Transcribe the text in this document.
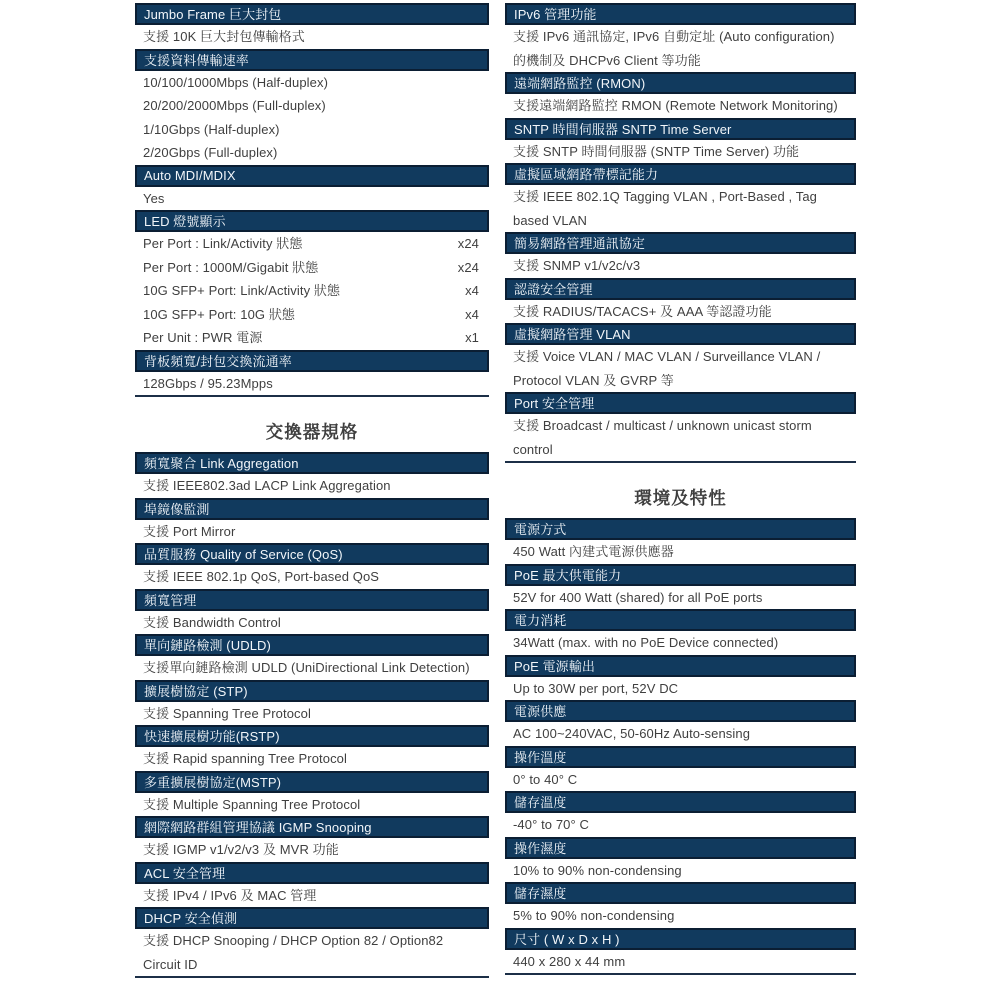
Jumbo Frame 巨大封包
支援 10K 巨大封包傳輸格式
支援資料傳輸速率
10/100/1000Mbps (Half-duplex)
20/200/2000Mbps (Full-duplex)
1/10Gbps (Half-duplex)
2/20Gbps (Full-duplex)
Auto MDI/MDIX
Yes
LED 燈號顯示
Per Port : Link/Activity 狀態	x24
Per Port : 1000M/Gigabit 狀態	x24
10G SFP+ Port: Link/Activity 狀態	x4
10G SFP+ Port: 10G 狀態	x4
Per Unit : PWR 電源	x1
背板頻寬/封包交換流通率
128Gbps / 95.23Mpps
交換器規格
頻寬聚合 Link Aggregation
支援 IEEE802.3ad LACP Link Aggregation
埠鏡像監測
支援 Port Mirror
品質服務 Quality of Service (QoS)
支援 IEEE 802.1p QoS, Port-based QoS
頻寬管理
支援 Bandwidth Control
單向鏈路檢測 (UDLD)
支援單向鏈路檢測 UDLD (UniDirectional Link Detection)
擴展樹協定 (STP)
支援 Spanning Tree Protocol
快速擴展樹功能(RSTP)
支援 Rapid spanning Tree Protocol
多重擴展樹協定(MSTP)
支援 Multiple Spanning Tree Protocol
網際網路群組管理協議 IGMP Snooping
支援 IGMP v1/v2/v3 及 MVR 功能
ACL 安全管理
支援 IPv4 / IPv6 及 MAC 管理
DHCP 安全偵測
支援 DHCP Snooping / DHCP Option 82 / Option82 Circuit ID
IPv6 管理功能
支援 IPv6 通訊協定, IPv6 自動定址 (Auto configuration) 的機制及 DHCPv6 Client 等功能
遠端網路監控 (RMON)
支援遠端網路監控 RMON (Remote Network Monitoring)
SNTP 時間伺服器 SNTP Time Server
支援 SNTP 時間伺服器 (SNTP Time Server) 功能
虛擬區域網路帶標記能力
支援 IEEE 802.1Q Tagging VLAN , Port-Based , Tag based VLAN
簡易網路管理通訊協定
支援 SNMP v1/v2c/v3
認證安全管理
支援 RADIUS/TACACS+ 及 AAA 等認證功能
虛擬網路管理 VLAN
支援 Voice VLAN / MAC VLAN / Surveillance VLAN / Protocol VLAN 及 GVRP 等
Port 安全管理
支援 Broadcast / multicast / unknown unicast storm control
環境及特性
電源方式
450 Watt 內建式電源供應器
PoE 最大供電能力
52V for 400 Watt (shared) for all PoE ports
電力消耗
34Watt (max. with no PoE Device connected)
PoE 電源輸出
Up to 30W per port, 52V DC
電源供應
AC 100~240VAC, 50-60Hz Auto-sensing
操作溫度
0° to 40° C
儲存溫度
-40° to 70° C
操作濕度
10% to 90% non-condensing
儲存濕度
5% to 90% non-condensing
尺寸 ( W x D x H )
440 x 280 x 44 mm
